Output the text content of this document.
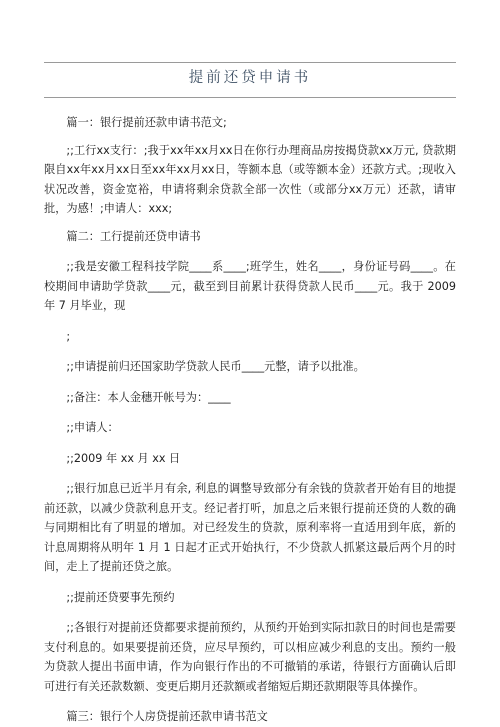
提前还贷申请书

篇一：银行提前还款申请书范文;

;;工行xx支行：;我于xx年xx月xx日在你行办理商品房按揭贷款xx万元, 贷款期限自xx年xx月xx日至xx年xx月xx日，等额本息（或等额本金）还款方式。;现收入状况改善，资金宽裕，申请将剩余贷款全部一次性（或部分xx万元）还款，请审批，为感！;申请人：xxx;

篇二：工行提前还贷申请书

;;我是安徽工程科技学院____系____;班学生，姓名____，身份证号码____。在校期间申请助学贷款____元，截至到目前累计获得贷款人民币____元。我于 2009 年 7 月毕业，现

;

;;申请提前归还国家助学贷款人民币____元整，请予以批准。

;;备注：本人金穗开帐号为：____

;;申请人：

;;2009 年 xx 月 xx 日

;;银行加息已近半月有余, 利息的调整导致部分有余钱的贷款者开始有目的地提前还款，以减少贷款利息开支。经记者打听，加息之后来银行提前还贷的人数的确与同期相比有了明显的增加。对已经发生的贷款，原利率将一直适用到年底，新的计息周期将从明年 1 月 1 日起才正式开始执行，不少贷款人抓紧这最后两个月的时间，走上了提前还贷之旅。

;;提前还贷要事先预约

;;各银行对提前还贷都要求提前预约，从预约开始到实际扣款日的时间也是需要支付利息的。如果要提前还贷，应尽早预约，可以相应减少利息的支出。预约一般为贷款人提出书面申请，作为向银行作出的不可撤销的承诺，待银行方面确认后即可进行有关还款数额、变更后期月还款额或者缩短后期还款期限等具体操作。

篇三：银行个人房贷提前还款申请书范文
